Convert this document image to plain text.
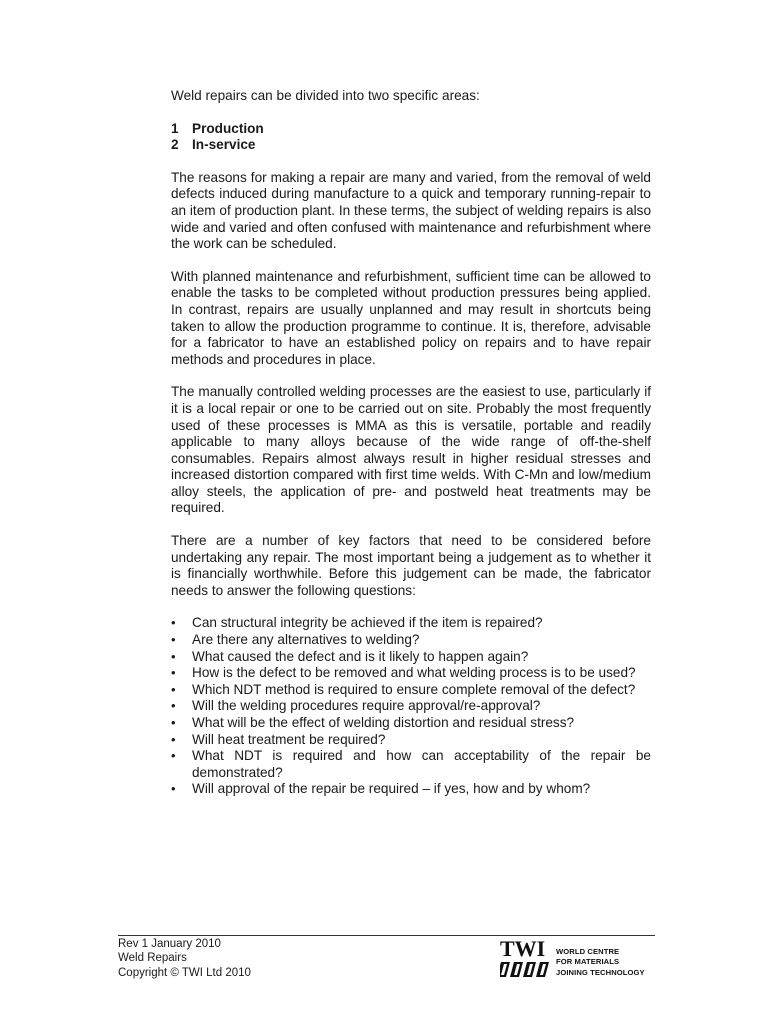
Weld repairs can be divided into two specific areas:

1 Production
2 In-service

The reasons for making a repair are many and varied, from the removal of weld defects induced during manufacture to a quick and temporary running-repair to an item of production plant. In these terms, the subject of welding repairs is also wide and varied and often confused with maintenance and refurbishment where the work can be scheduled.

With planned maintenance and refurbishment, sufficient time can be allowed to enable the tasks to be completed without production pressures being applied. In contrast, repairs are usually unplanned and may result in shortcuts being taken to allow the production programme to continue. It is, therefore, advisable for a fabricator to have an established policy on repairs and to have repair methods and procedures in place.

The manually controlled welding processes are the easiest to use, particularly if it is a local repair or one to be carried out on site. Probably the most frequently used of these processes is MMA as this is versatile, portable and readily applicable to many alloys because of the wide range of off-the-shelf consumables. Repairs almost always result in higher residual stresses and increased distortion compared with first time welds. With C-Mn and low/medium alloy steels, the application of pre- and postweld heat treatments may be required.

There are a number of key factors that need to be considered before undertaking any repair. The most important being a judgement as to whether it is financially worthwhile. Before this judgement can be made, the fabricator needs to answer the following questions:

•	Can structural integrity be achieved if the item is repaired?
•	Are there any alternatives to welding?
•	What caused the defect and is it likely to happen again?
•	How is the defect to be removed and what welding process is to be used?
•	Which NDT method is required to ensure complete removal of the defect?
•	Will the welding procedures require approval/re-approval?
•	What will be the effect of welding distortion and residual stress?
•	Will heat treatment be required?
•	What NDT is required and how can acceptability of the repair be demonstrated?
•	Will approval of the repair be required – if yes, how and by whom?
Rev 1 January 2010
Weld Repairs
Copyright © TWI Ltd 2010
TWI WORLD CENTRE
FOR MATERIALS
JOINING TECHNOLOGY
